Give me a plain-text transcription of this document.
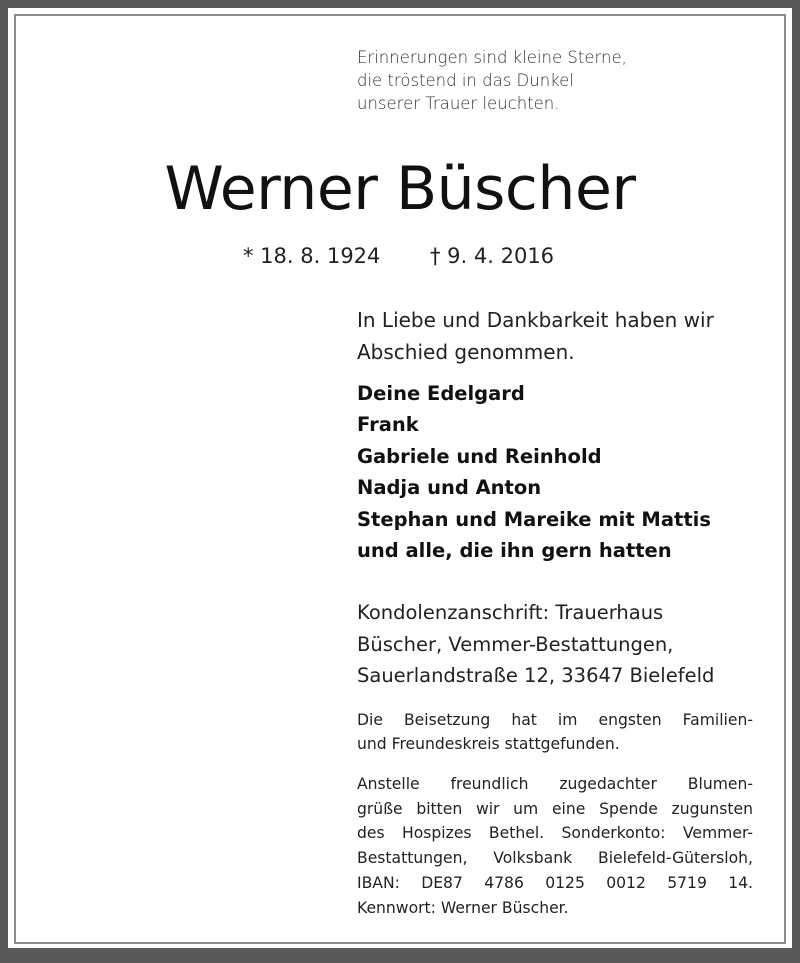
Erinnerungen sind kleine Sterne,
die tröstend in das Dunkel
unserer Trauer leuchten.
Werner Büscher
* 18. 8. 1924 † 9. 4. 2016
In Liebe und Dankbarkeit haben wir
Abschied genommen.
Deine Edelgard
Frank
Gabriele und Reinhold
Nadja und Anton
Stephan und Mareike mit Mattis
und alle, die ihn gern hatten
Kondolenzanschrift: Trauerhaus
Büscher, Vemmer-Bestattungen,
Sauerlandstraße 12, 33647 Bielefeld
Die Beisetzung hat im engsten Familien-
und Freundeskreis stattgefunden.
Anstelle freundlich zugedachter Blumen-
grüße bitten wir um eine Spende zugunsten
des Hospizes Bethel. Sonderkonto: Vemmer-
Bestattungen, Volksbank Bielefeld-Gütersloh,
IBAN: DE87 4786 0125 0012 5719 14.
Kennwort: Werner Büscher.
